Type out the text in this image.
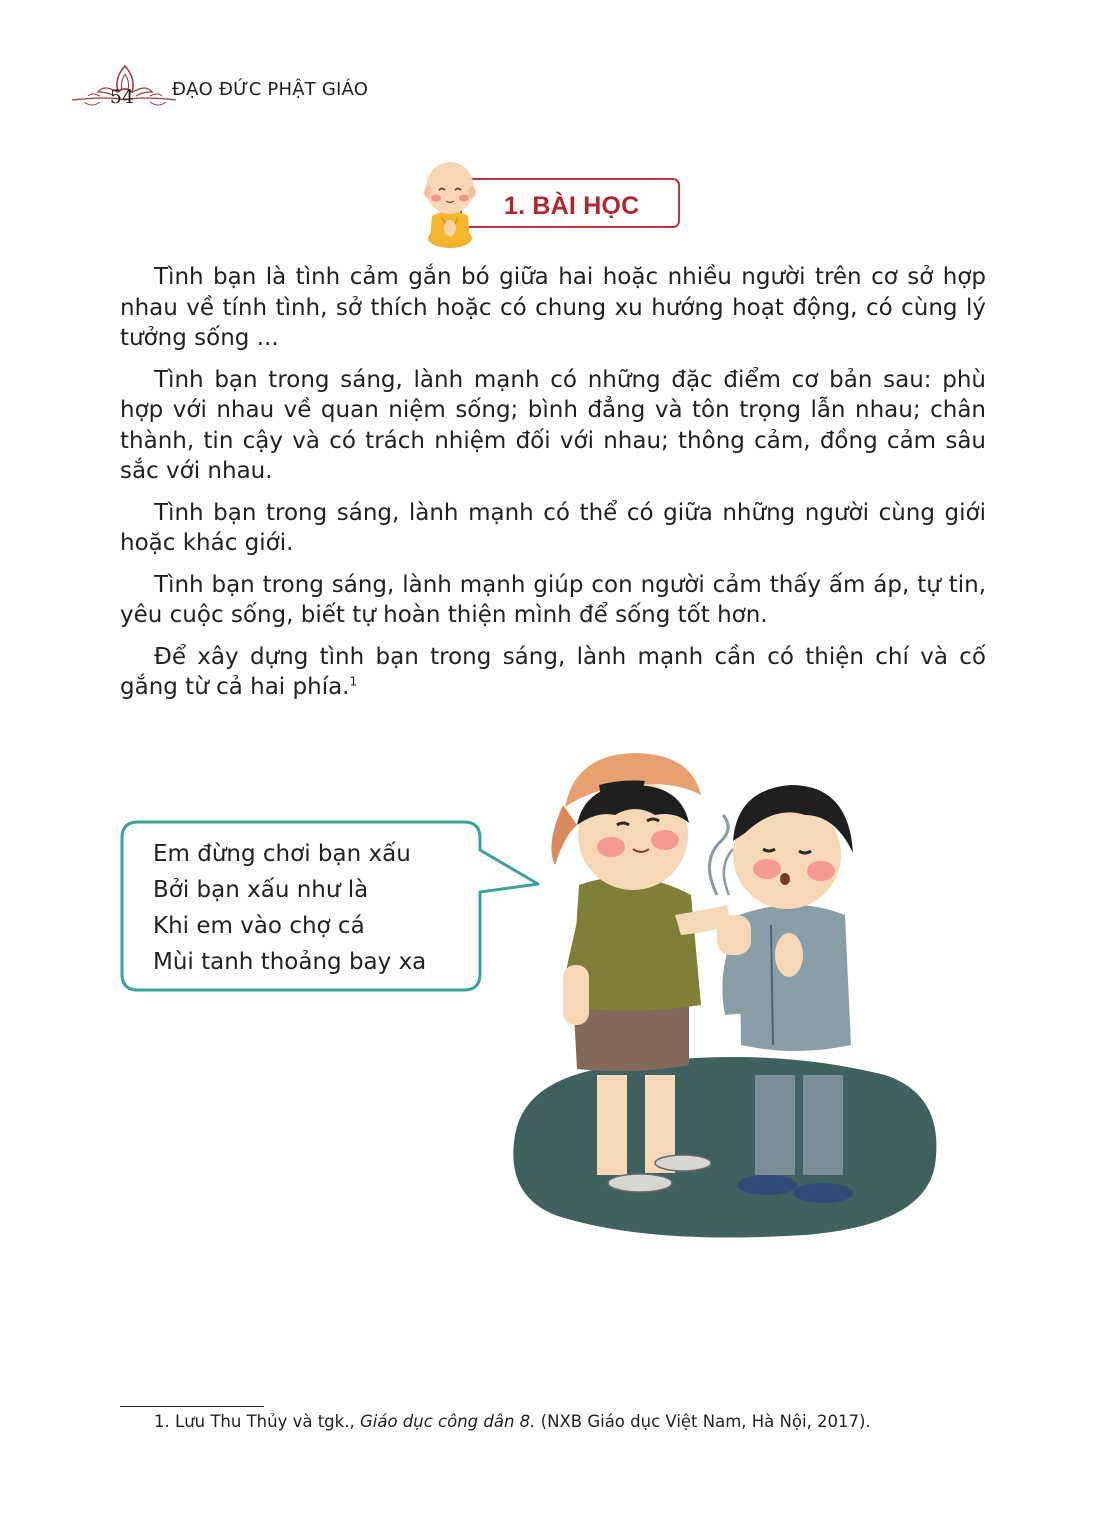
54	ĐẠO ĐỨC PHẬT GIÁO
1. BÀI HỌC

Tình bạn là tình cảm gắn bó giữa hai hoặc nhiều người trên cơ sở hợp nhau về tính tình, sở thích hoặc có chung xu hướng hoạt động, có cùng lý tưởng sống ...

Tình bạn trong sáng, lành mạnh có những đặc điểm cơ bản sau: phù hợp với nhau về quan niệm sống; bình đẳng và tôn trọng lẫn nhau; chân thành, tin cậy và có trách nhiệm đối với nhau; thông cảm, đồng cảm sâu sắc với nhau.

Tình bạn trong sáng, lành mạnh có thể có giữa những người cùng giới hoặc khác giới.

Tình bạn trong sáng, lành mạnh giúp con người cảm thấy ấm áp, tự tin, yêu cuộc sống, biết tự hoàn thiện mình để sống tốt hơn.

Để xây dựng tình bạn trong sáng, lành mạnh cần có thiện chí và cố gắng từ cả hai phía.$^1$

Em đừng chơi bạn xấu
Bởi bạn xấu như là
Khi em vào chợ cá
Mùi tanh thoảng bay xa
1. Lưu Thu Thủy và tgk., Giáo dục công dân 8. (NXB Giáo dục Việt Nam, Hà Nội, 2017).
